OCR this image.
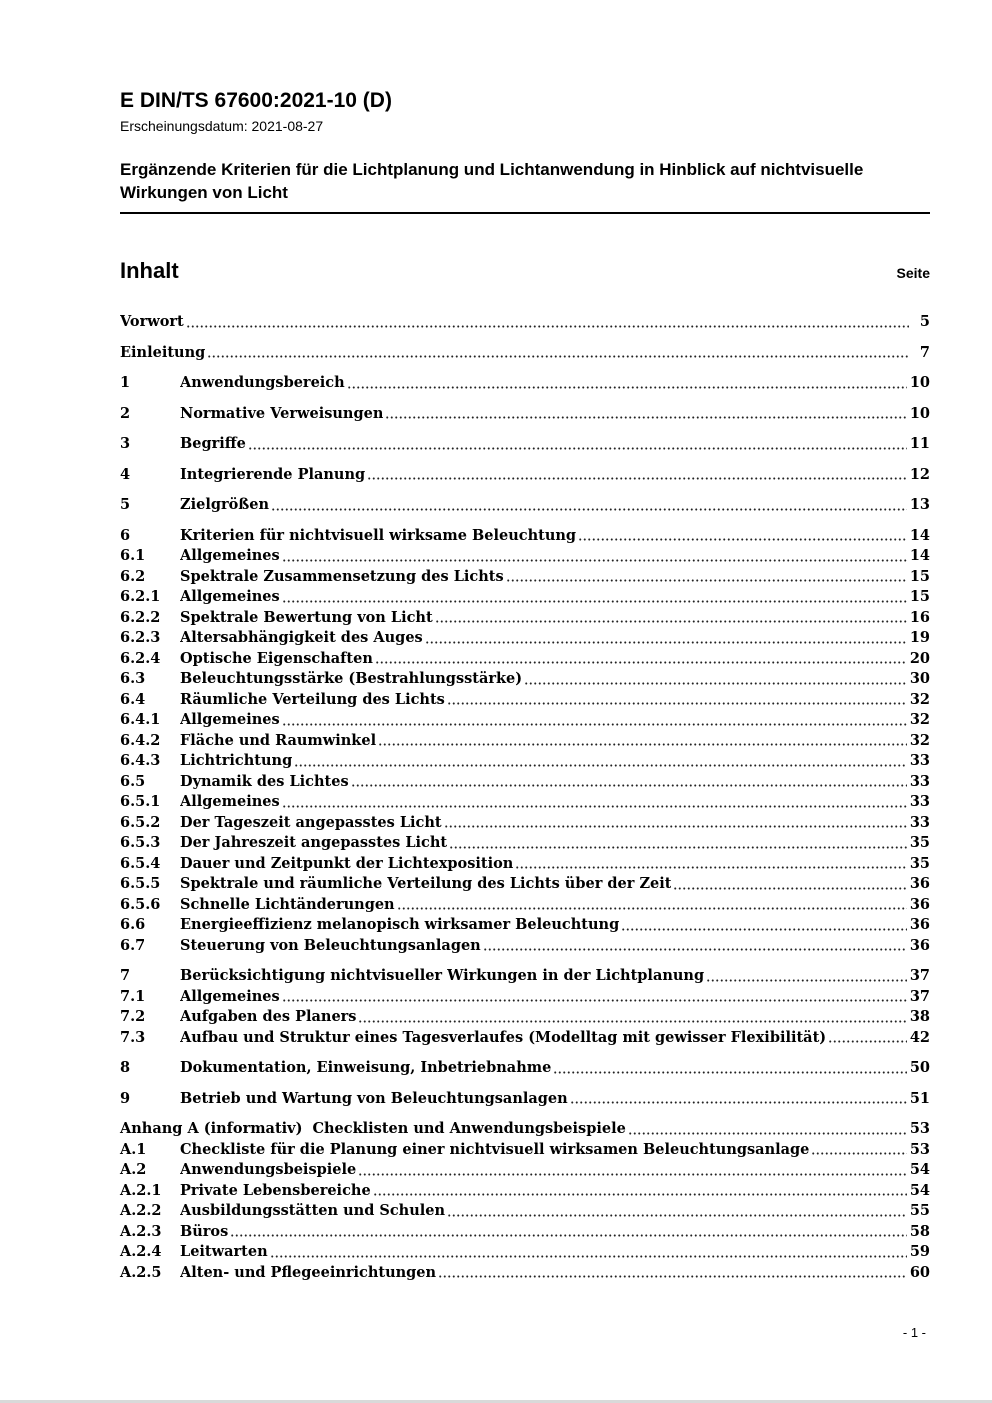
E DIN/TS 67600:2021-10 (D)
Erscheinungsdatum: 2021-08-27
Ergänzende Kriterien für die Lichtplanung und Lichtanwendung in Hinblick auf nichtvisuelle Wirkungen von Licht
Inhalt	Seite
Vorwort	5
Einleitung	7
1	Anwendungsbereich	10
2	Normative Verweisungen	10
3	Begriffe	11
4	Integrierende Planung	12
5	Zielgrößen	13
6	Kriterien für nichtvisuell wirksame Beleuchtung	14
6.1	Allgemeines	14
6.2	Spektrale Zusammensetzung des Lichts	15
6.2.1	Allgemeines	15
6.2.2	Spektrale Bewertung von Licht	16
6.2.3	Altersabhängigkeit des Auges	19
6.2.4	Optische Eigenschaften	20
6.3	Beleuchtungsstärke (Bestrahlungsstärke)	30
6.4	Räumliche Verteilung des Lichts	32
6.4.1	Allgemeines	32
6.4.2	Fläche und Raumwinkel	32
6.4.3	Lichtrichtung	33
6.5	Dynamik des Lichtes	33
6.5.1	Allgemeines	33
6.5.2	Der Tageszeit angepasstes Licht	33
6.5.3	Der Jahreszeit angepasstes Licht	35
6.5.4	Dauer und Zeitpunkt der Lichtexposition	35
6.5.5	Spektrale und räumliche Verteilung des Lichts über der Zeit	36
6.5.6	Schnelle Lichtänderungen	36
6.6	Energieeffizienz melanopisch wirksamer Beleuchtung	36
6.7	Steuerung von Beleuchtungsanlagen	36
7	Berücksichtigung nichtvisueller Wirkungen in der Lichtplanung	37
7.1	Allgemeines	37
7.2	Aufgaben des Planers	38
7.3	Aufbau und Struktur eines Tagesverlaufes (Modelltag mit gewisser Flexibilität)	42
8	Dokumentation, Einweisung, Inbetriebnahme	50
9	Betrieb und Wartung von Beleuchtungsanlagen	51
Anhang A (informativ) Checklisten und Anwendungsbeispiele	53
A.1	Checkliste für die Planung einer nichtvisuell wirksamen Beleuchtungsanlage	53
A.2	Anwendungsbeispiele	54
A.2.1	Private Lebensbereiche	54
A.2.2	Ausbildungsstätten und Schulen	55
A.2.3	Büros	58
A.2.4	Leitwarten	59
A.2.5	Alten- und Pflegeeinrichtungen	60
- 1 -
